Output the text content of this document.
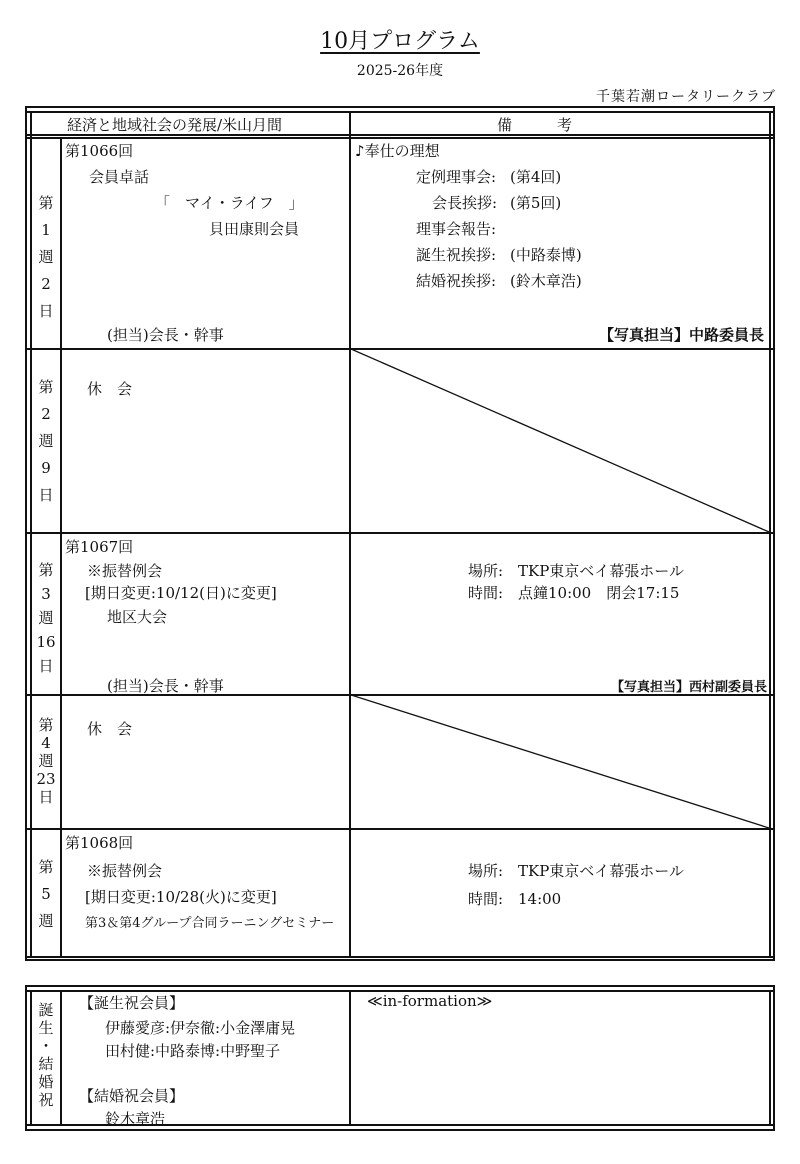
10月プログラム
2025-26年度
千葉若潮ロータリークラブ
経済と地域社会の発展/米山月間	備　　　考
第
1
週
2
日
第1066回
会員卓話
「　マイ・ライフ　」
貝田康則会員
(担当)会長・幹事
♪奉仕の理想
定例理事会: (第4回)
会長挨拶: (第5回)
理事会報告:
誕生祝挨拶: (中路泰博)
結婚祝挨拶: (鈴木章浩)
【写真担当】中路委員長
第
2
週
9
日
休　会
第
3
週
16
日
第1067回
※振替例会
[期日変更:10/12(日)に変更]
地区大会
(担当)会長・幹事
場所: TKP東京ベイ幕張ホール
時間: 点鐘10:00　閉会17:15
【写真担当】西村副委員長
第
4
週
23
日
休　会
第
5
週
第1068回
※振替例会
[期日変更:10/28(火)に変更]
第3＆第4グループ合同ラーニングセミナー
場所: TKP東京ベイ幕張ホール
時間: 14:00
誕
生
・
結
婚
祝
【誕生祝会員】
伊藤愛彦:伊奈徹:小金澤庸晃
田村健:中路泰博:中野聖子
【結婚祝会員】
鈴木章浩
≪in-formation≫
